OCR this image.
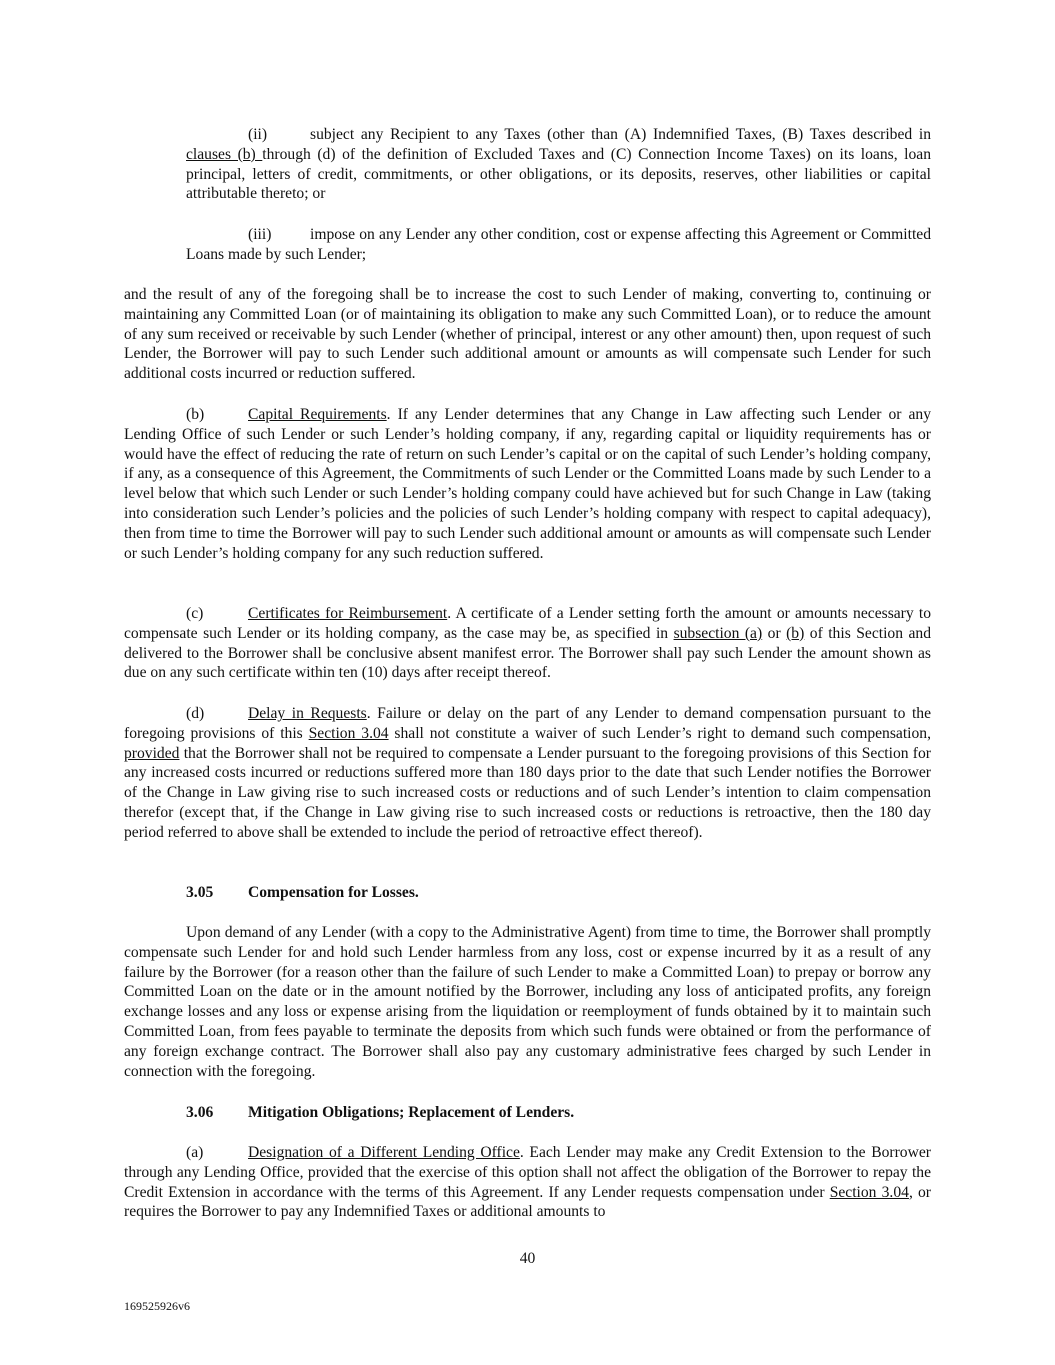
(ii)	subject any Recipient to any Taxes (other than (A) Indemnified Taxes, (B) Taxes described in clauses (b) through (d) of the definition of Excluded Taxes and (C) Connection Income Taxes) on its loans, loan principal, letters of credit, commitments, or other obligations, or its deposits, reserves, other liabilities or capital attributable thereto; or

(iii) impose on any Lender any other condition, cost or expense affecting this Agreement or Committed Loans made by such Lender;

and the result of any of the foregoing shall be to increase the cost to such Lender of making, converting to, continuing or maintaining any Committed Loan (or of maintaining its obligation to make any such Committed Loan), or to reduce the amount of any sum received or receivable by such Lender (whether of principal, interest or any other amount) then, upon request of such Lender, the Borrower will pay to such Lender such additional amount or amounts as will compensate such Lender for such additional costs incurred or reduction suffered.

(b)	Capital Requirements. If any Lender determines that any Change in Law affecting such Lender or any Lending Office of such Lender or such Lender’s holding company, if any, regarding capital or liquidity requirements has or would have the effect of reducing the rate of return on such Lender’s capital or on the capital of such Lender’s holding company, if any, as a consequence of this Agreement, the Commitments of such Lender or the Committed Loans made by such Lender to a level below that which such Lender or such Lender’s holding company could have achieved but for such Change in Law (taking into consideration such Lender’s policies and the policies of such Lender’s holding company with respect to capital adequacy), then from time to time the Borrower will pay to such Lender such additional amount or amounts as will compensate such Lender or such Lender’s holding company for any such reduction suffered.

(c)	Certificates for Reimbursement. A certificate of a Lender setting forth the amount or amounts necessary to compensate such Lender or its holding company, as the case may be, as specified in subsection (a) or (b) of this Section and delivered to the Borrower shall be conclusive absent manifest error. The Borrower shall pay such Lender the amount shown as due on any such certificate within ten (10) days after receipt thereof.

(d)	Delay in Requests. Failure or delay on the part of any Lender to demand compensation pursuant to the foregoing provisions of this Section 3.04 shall not constitute a waiver of such Lender’s right to demand such compensation, provided that the Borrower shall not be required to compensate a Lender pursuant to the foregoing provisions of this Section for any increased costs incurred or reductions suffered more than 180 days prior to the date that such Lender notifies the Borrower of the Change in Law giving rise to such increased costs or reductions and of such Lender’s intention to claim compensation therefor (except that, if the Change in Law giving rise to such increased costs or reductions is retroactive, then the 180 day period referred to above shall be extended to include the period of retroactive effect thereof).

3.05 Compensation for Losses.

Upon demand of any Lender (with a copy to the Administrative Agent) from time to time, the Borrower shall promptly compensate such Lender for and hold such Lender harmless from any loss, cost or expense incurred by it as a result of any failure by the Borrower (for a reason other than the failure of such Lender to make a Committed Loan) to prepay or borrow any Committed Loan on the date or in the amount notified by the Borrower, including any loss of anticipated profits, any foreign exchange losses and any loss or expense arising from the liquidation or reemployment of funds obtained by it to maintain such Committed Loan, from fees payable to terminate the deposits from which such funds were obtained or from the performance of any foreign exchange contract. The Borrower shall also pay any customary administrative fees charged by such Lender in connection with the foregoing.

3.06 Mitigation Obligations; Replacement of Lenders.

(a)	Designation of a Different Lending Office. Each Lender may make any Credit Extension to the Borrower through any Lending Office, provided that the exercise of this option shall not affect the obligation of the Borrower to repay the Credit Extension in accordance with the terms of this Agreement. If any Lender requests compensation under Section 3.04, or requires the Borrower to pay any Indemnified Taxes or additional amounts to

40

169525926v6
